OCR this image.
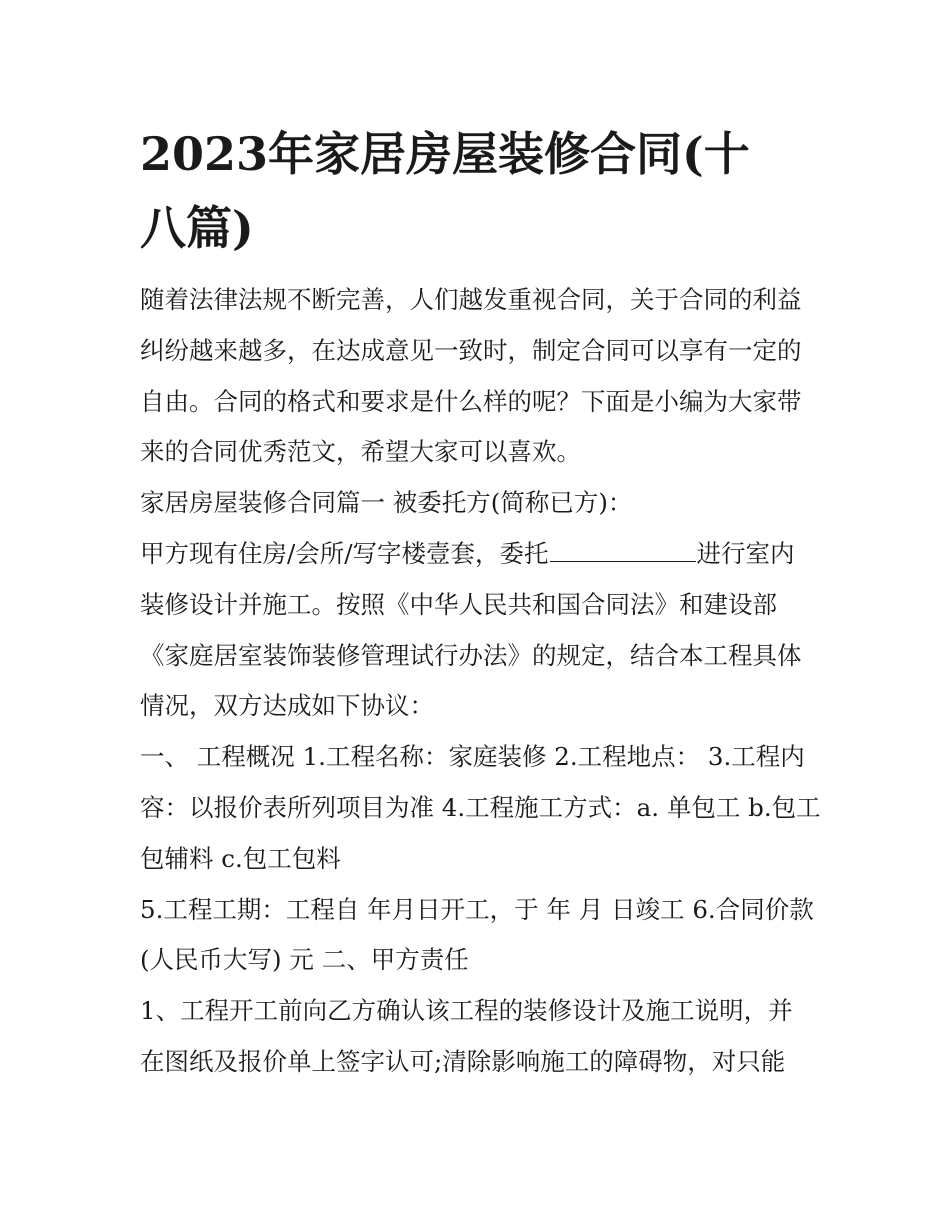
2023年家居房屋装修合同(十
八篇)
随着法律法规不断完善，人们越发重视合同，关于合同的利益
纠纷越来越多，在达成意见一致时，制定合同可以享有一定的
自由。合同的格式和要求是什么样的呢？下面是小编为大家带
来的合同优秀范文，希望大家可以喜欢。
家居房屋装修合同篇一 被委托方(简称已方)：
甲方现有住房/会所/写字楼壹套，委托	进行室内
装修设计并施工。按照《中华人民共和国合同法》和建设部
《家庭居室装饰装修管理试行办法》的规定，结合本工程具体
情况，双方达成如下协议：
一、 工程概况 1.工程名称：家庭装修 2.工程地点： 3.工程内
容：以报价表所列项目为准 4.工程施工方式：a. 单包工 b.包工
包辅料 c.包工包料
5.工程工期：工程自 年月日开工，于 年 月 日竣工 6.合同价款
(人民币大写) 元 二、甲方责任
1、工程开工前向乙方确认该工程的装修设计及施工说明，并
在图纸及报价单上签字认可;清除影响施工的障碍物，对只能
